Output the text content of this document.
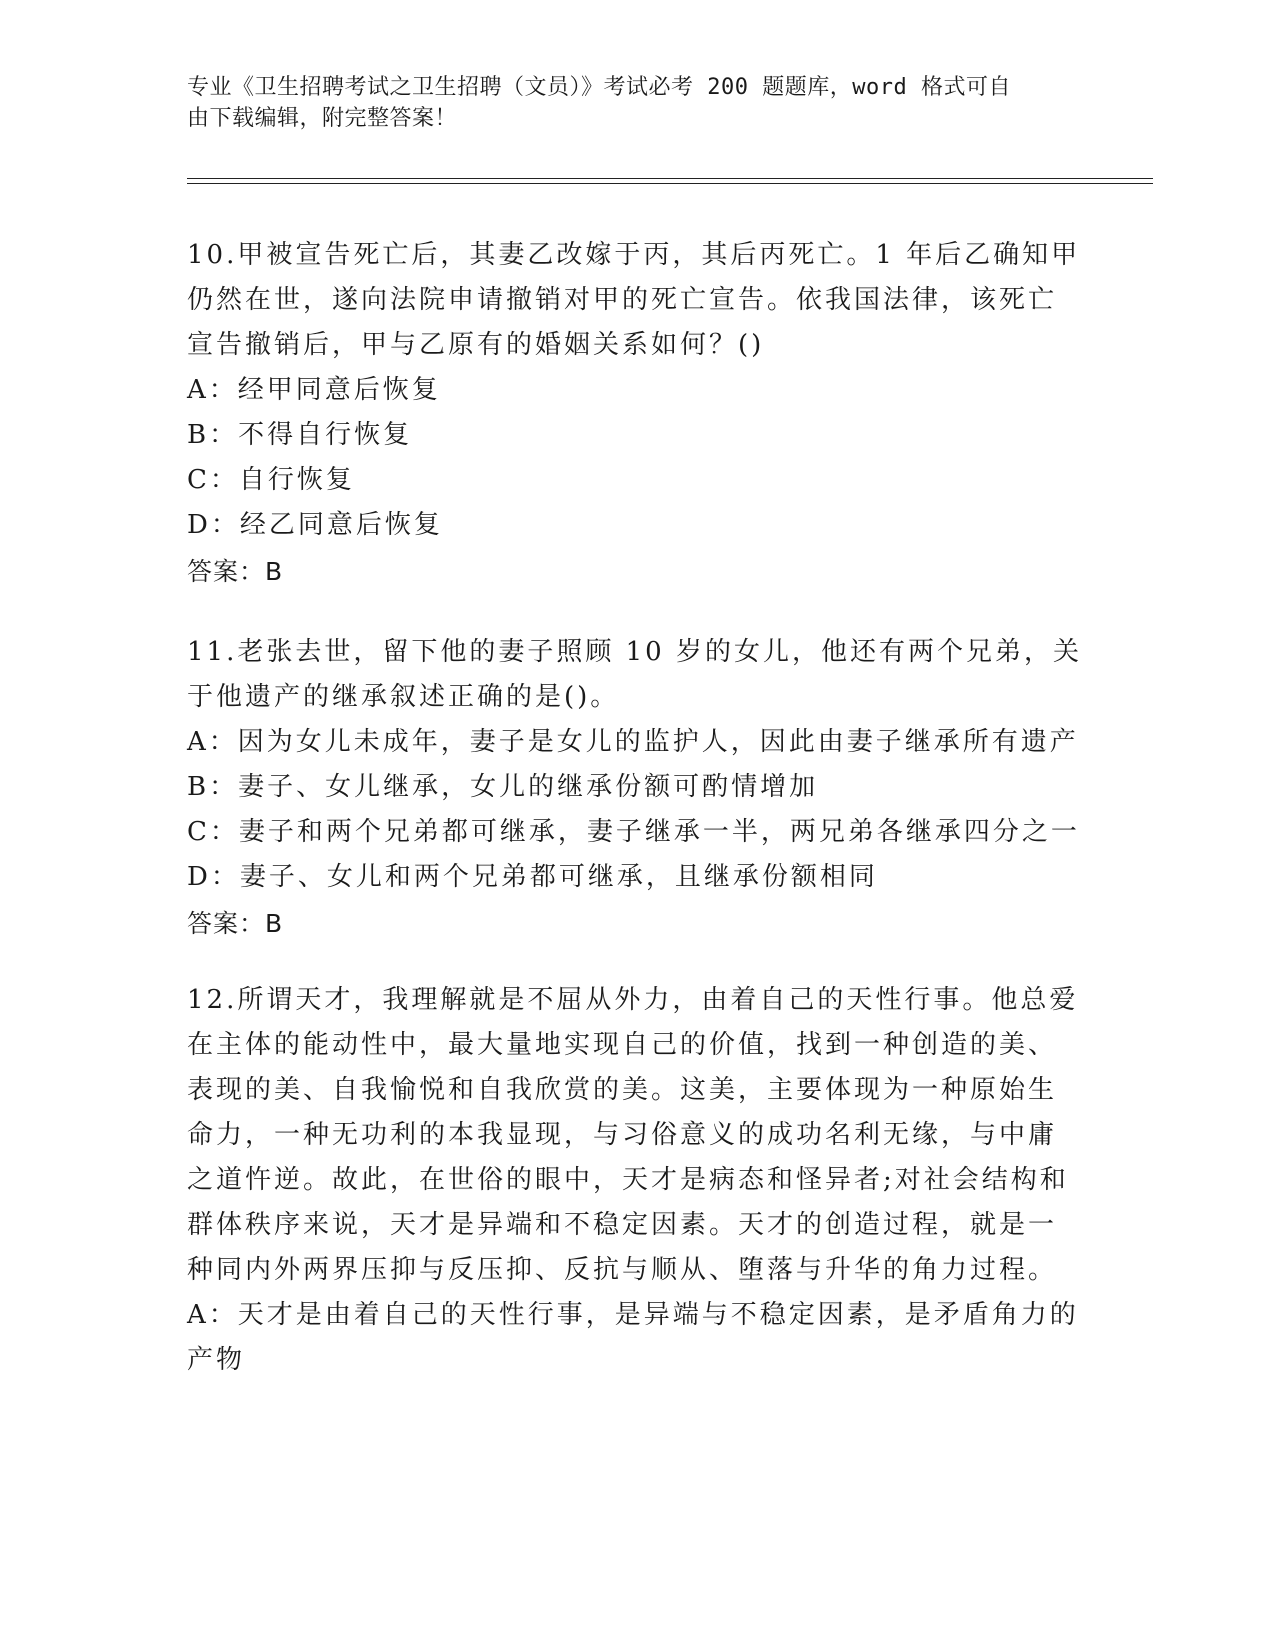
专业《卫生招聘考试之卫生招聘（文员）》考试必考 200 题题库，word 格式可自
由下载编辑，附完整答案！

10.甲被宣告死亡后，其妻乙改嫁于丙，其后丙死亡。1 年后乙确知甲

仍然在世，遂向法院申请撤销对甲的死亡宣告。依我国法律，该死亡

宣告撤销后，甲与乙原有的婚姻关系如何？()

A：经甲同意后恢复

B：不得自行恢复

C：自行恢复

D：经乙同意后恢复

答案：B

11.老张去世，留下他的妻子照顾 10 岁的女儿，他还有两个兄弟，关

于他遗产的继承叙述正确的是()。

A：因为女儿未成年，妻子是女儿的监护人，因此由妻子继承所有遗产

B：妻子、女儿继承，女儿的继承份额可酌情增加

C：妻子和两个兄弟都可继承，妻子继承一半，两兄弟各继承四分之一

D：妻子、女儿和两个兄弟都可继承，且继承份额相同

答案：B

12.所谓天才，我理解就是不屈从外力，由着自己的天性行事。他总爱

在主体的能动性中，最大量地实现自己的价值，找到一种创造的美、

表现的美、自我愉悦和自我欣赏的美。这美，主要体现为一种原始生

命力，一种无功利的本我显现，与习俗意义的成功名利无缘，与中庸

之道忤逆。故此，在世俗的眼中，天才是病态和怪异者;对社会结构和

群体秩序来说，天才是异端和不稳定因素。天才的创造过程，就是一

种同内外两界压抑与反压抑、反抗与顺从、堕落与升华的角力过程。

A：天才是由着自己的天性行事，是异端与不稳定因素，是矛盾角力的

产物
